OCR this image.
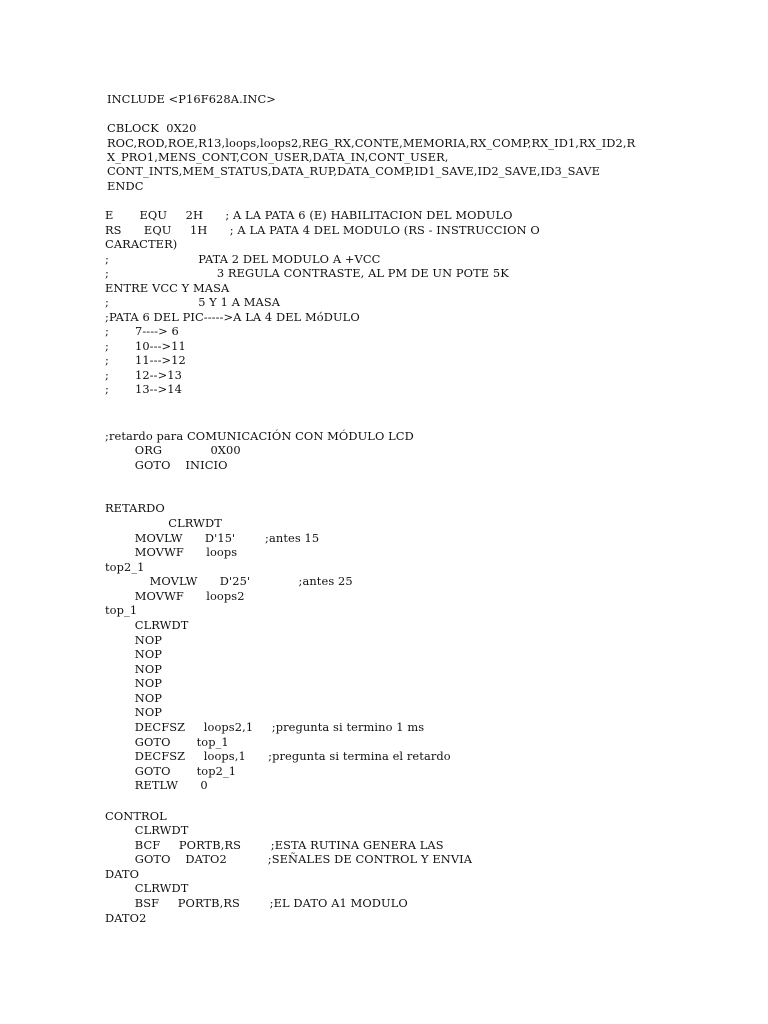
INCLUDE <P16F628A.INC>
CBLOCK  0X20
ROC,ROD,ROE,R13,loops,loops2,REG_RX,CONTE,MEMORIA,RX_COMP,RX_ID1,RX_ID2,R
X_PRO1,MENS_CONT,CON_USER,DATA_IN,CONT_USER,
CONT_INTS,MEM_STATUS,DATA_RUP,DATA_COMP,ID1_SAVE,ID2_SAVE,ID3_SAVE
ENDC
E       EQU     2H      ; A LA PATA 6 (E) HABILITACION DEL MODULO
RS      EQU     1H      ; A LA PATA 4 DEL MODULO (RS - INSTRUCCION O
CARACTER)
;                        PATA 2 DEL MODULO A +VCC
;                             3 REGULA CONTRASTE, AL PM DE UN POTE 5K
ENTRE VCC Y MASA
;                        5 Y 1 A MASA
;PATA 6 DEL PIC----->A LA 4 DEL MóDULO
;       7----> 6
;       10--->11
;       11--->12
;       12-->13
;       13-->14
;retardo para COMUNICACIÓN CON MÓDULO LCD
ORG             0X00
GOTO    INICIO
RETARDO
CLRWDT
MOVLW      D'15'        ;antes 15
MOVWF      loops
top2_1
MOVLW      D'25'             ;antes 25
MOVWF      loops2
top_1
CLRWDT
NOP
NOP
NOP
NOP
NOP
NOP
DECFSZ     loops2,1     ;pregunta si termino 1 ms
GOTO       top_1
DECFSZ     loops,1      ;pregunta si termina el retardo
GOTO       top2_1
RETLW      0
CONTROL
CLRWDT
BCF     PORTB,RS        ;ESTA RUTINA GENERA LAS
GOTO    DATO2           ;SEÑALES DE CONTROL Y ENVIA
DATO
CLRWDT
BSF     PORTB,RS        ;EL DATO A1 MODULO
DATO2
